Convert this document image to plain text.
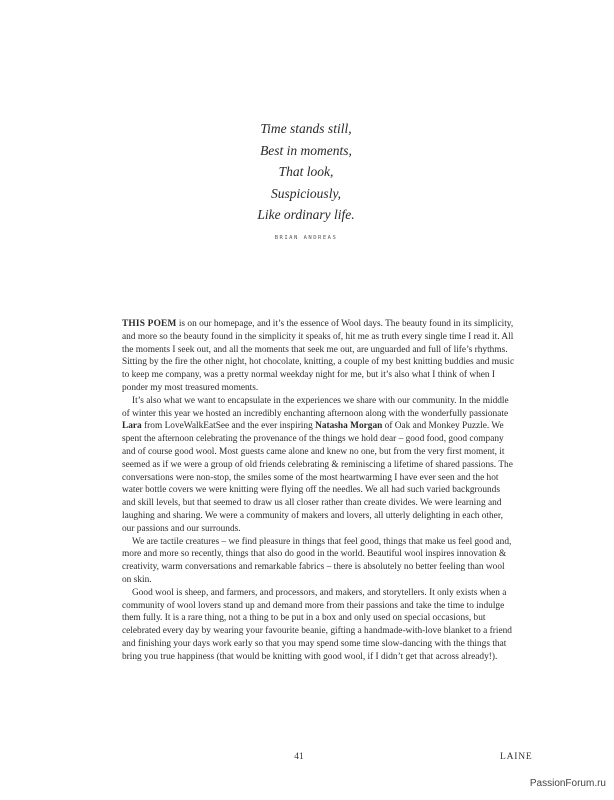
Time stands still,
Best in moments,
That look,
Suspiciously,
Like ordinary life.
BRIAN ANDREAS

THIS POEM is on our homepage, and it’s the essence of Wool days. The beauty found in its simplicity, and more so the beauty found in the simplicity it speaks of, hit me as truth every single time I read it. All the moments I seek out, and all the moments that seek me out, are unguarded and full of life’s rhythms. Sitting by the fire the other night, hot chocolate, knitting, a couple of my best knitting buddies and music to keep me company, was a pretty normal weekday night for me, but it’s also what I think of when I ponder my most treasured moments.

It’s also what we want to encapsulate in the experiences we share with our community. In the middle of winter this year we hosted an incredibly enchanting afternoon along with the wonderfully passionate Lara from LoveWalkEatSee and the ever inspiring Natasha Morgan of Oak and Monkey Puzzle. We spent the afternoon celebrating the provenance of the things we hold dear – good food, good company and of course good wool. Most guests came alone and knew no one, but from the very first moment, it seemed as if we were a group of old friends celebrating & reminiscing a lifetime of shared passions. The conversations were non-stop, the smiles some of the most heartwarming I have ever seen and the hot water bottle covers we were knitting were flying off the needles. We all had such varied backgrounds and skill levels, but that seemed to draw us all closer rather than create divides. We were learning and laughing and sharing. We were a community of makers and lovers, all utterly delighting in each other, our passions and our surrounds.

We are tactile creatures – we find pleasure in things that feel good, things that make us feel good and, more and more so recently, things that also do good in the world. Beautiful wool inspires innovation & creativity, warm conversations and remarkable fabrics – there is absolutely no better feeling than wool on skin.

Good wool is sheep, and farmers, and processors, and makers, and storytellers. It only exists when a community of wool lovers stand up and demand more from their passions and take the time to indulge them fully. It is a rare thing, not a thing to be put in a box and only used on special occasions, but celebrated every day by wearing your favourite beanie, gifting a handmade-with-love blanket to a friend and finishing your days work early so that you may spend some time slow-dancing with the things that bring you true happiness (that would be knitting with good wool, if I didn’t get that across already!).

41	LAINE
PassionForum.ru
